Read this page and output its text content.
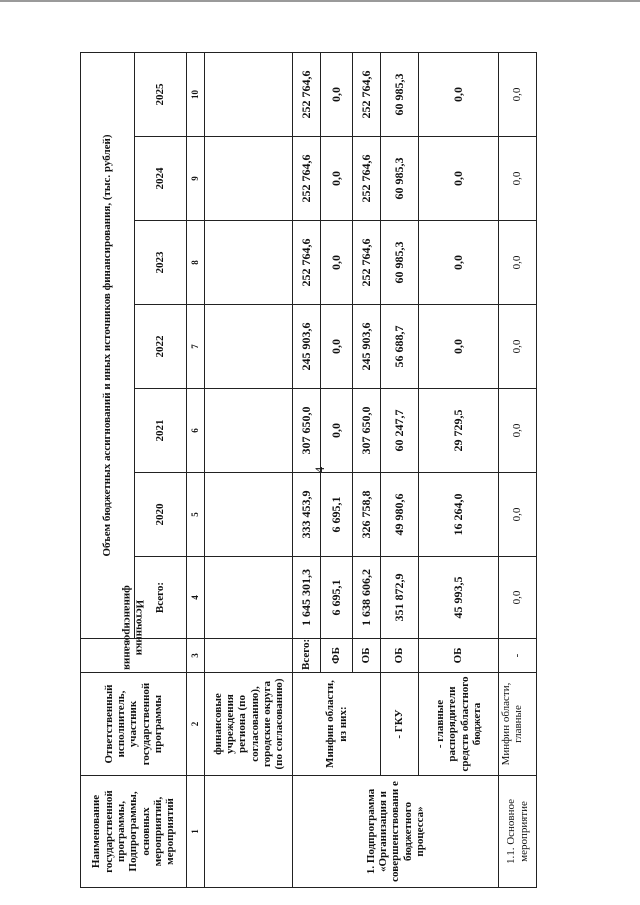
4
Наименование государственной программы, Подпрограммы, основных мероприятий, мероприятий	Ответственный исполнитель, участник государственной программы	Источники финансирования	Объем бюджетных ассигнований и иных источников финансирования, (тыс. рублей)						
			Всего:	2020	2021	2022	2023	2024	2025
1	2	3	4	5	6	7	8	9	10
	финансовые учреждения региона (по согласованию), городские округа (по согласованию)								
1. Подпрограмма «Организация и совершенствовани е бюджетного процесса»	Минфин области, из них:	Всего:	1 645 301,3	333 453,9	307 650,0	245 903,6	252 764,6	252 764,6	252 764,6
		ФБ	6 695,1	6 695,1	0,0	0,0	0,0	0,0	0,0
		ОБ	1 638 606,2	326 758,8	307 650,0	245 903,6	252 764,6	252 764,6	252 764,6
	- ГКУ	ОБ	351 872,9	49 980,6	60 247,7	56 688,7	60 985,3	60 985,3	60 985,3
	- главные распорядители средств областного бюджета	ОБ	45 993,5	16 264,0	29 729,5	0,0	0,0	0,0	0,0
1.1. Основное мероприятие	Минфин области, главные	-	0,0	0,0	0,0	0,0	0,0	0,0	0,0
